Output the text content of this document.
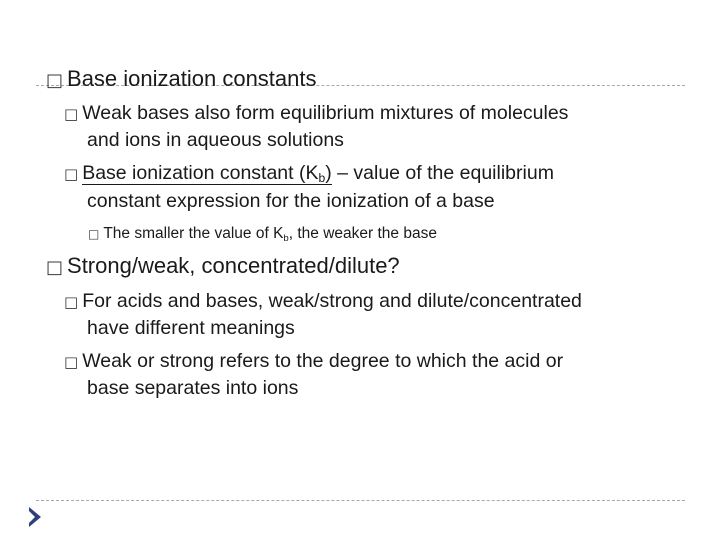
□ Base ionization constants
□ Weak bases also form equilibrium mixtures of molecules
and ions in aqueous solutions
□ Base ionization constant $(K_b)$ – value of the equilibrium
constant expression for the ionization of a base
□ The smaller the value of $K_b$, the weaker the base
□ Strong/weak, concentrated/dilute?
□ For acids and bases, weak/strong and dilute/concentrated
have different meanings
□ Weak or strong refers to the degree to which the acid or
base separates into ions
